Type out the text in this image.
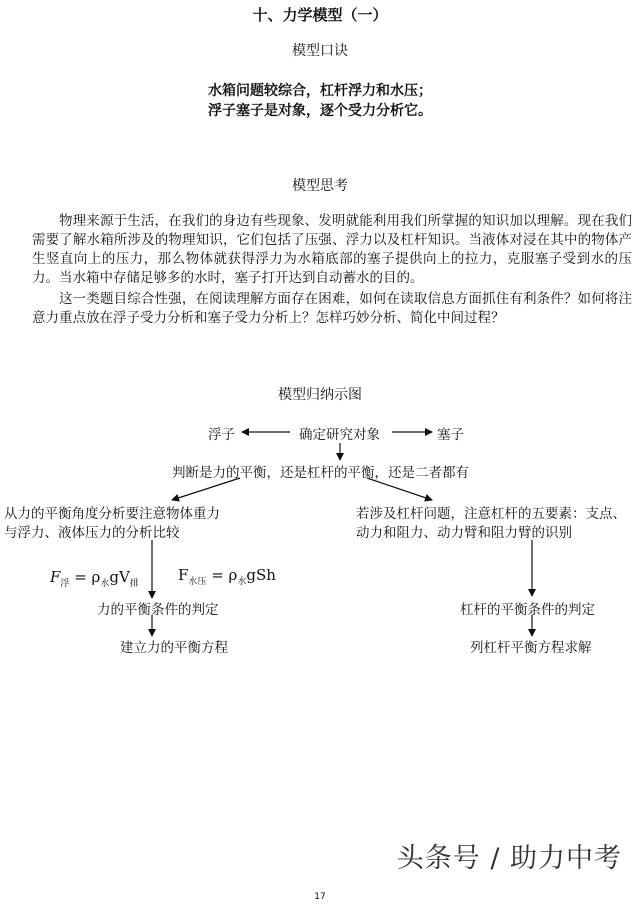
十、力学模型（一）
模型口诀
水箱问题较综合，杠杆浮力和水压；
浮子塞子是对象，逐个受力分析它。
模型思考
物理来源于生活，在我们的身边有些现象、发明就能利用我们所掌握的知识加以理解。现在我们需要了解水箱所涉及的物理知识，它们包括了压强、浮力以及杠杆知识。当液体对浸在其中的物体产生竖直向上的压力，那么物体就获得浮力为水箱底部的塞子提供向上的拉力，克服塞子受到水的压力。当水箱中存储足够多的水时，塞子打开达到自动蓄水的目的。
这一类题目综合性强，在阅读理解方面存在困难，如何在读取信息方面抓住有利条件？如何将注意力重点放在浮子受力分析和塞子受力分析上？怎样巧妙分析、简化中间过程？
模型归纳示图
浮子	确定研究对象	塞子
判断是力的平衡，还是杠杆的平衡，还是二者都有
从力的平衡角度分析要注意物体重力
与浮力、液体压力的分析比较
若涉及杠杆问题，注意杠杆的五要素：支点、
动力和阻力、动力臂和阻力臂的识别
$F_浮 = \rho_水gV_排$	$F_{水压} = \rho_水gSh$
力的平衡条件的判定
建立力的平衡方程
杠杆的平衡条件的判定
列杠杆平衡方程求解
头条号 / 助力中考
17
